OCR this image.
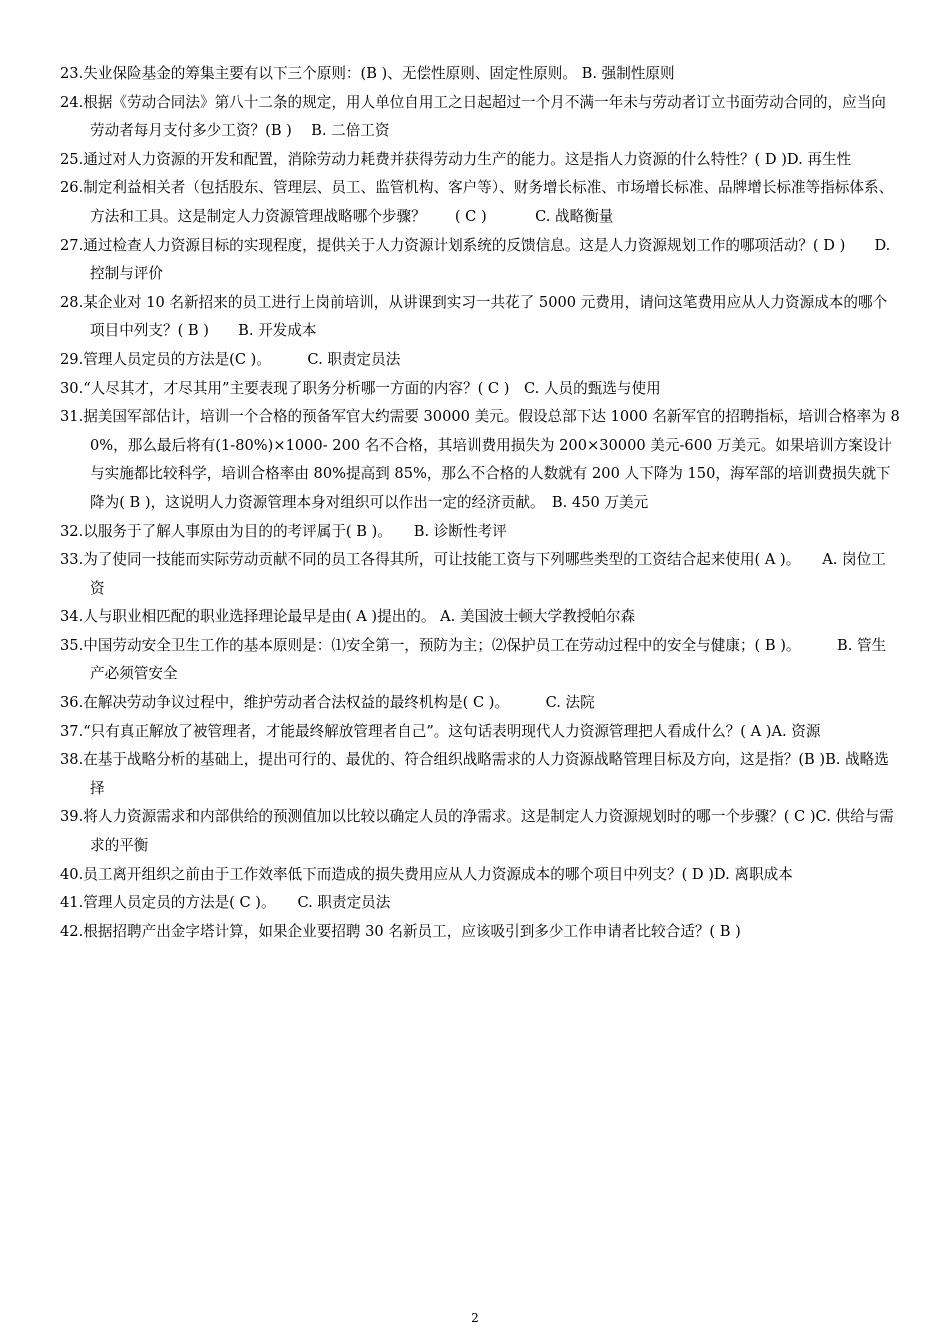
23.失业保险基金的筹集主要有以下三个原则：(B )、无偿性原则、固定性原则。 B. 强制性原则
24.根据《劳动合同法》第八十二条的规定，用人单位自用工之日起超过一个月不满一年未与劳动者订立书面劳动合同的，应当向劳动者每月支付多少工资？(B )　 B. 二倍工资
25.通过对人力资源的开发和配置，消除劳动力耗费并获得劳动力生产的能力。这是指人力资源的什么特性？( D )D. 再生性
26.制定利益相关者（包括股东、管理层、员工、监管机构、客户等）、财务增长标准、市场增长标准、品牌增长标准等指标体系、方法和工具。这是制定人力资源管理战略哪个步骤？　　( C )　　　 C. 战略衡量
27.通过检查人力资源目标的实现程度，提供关于人力资源计划系统的反馈信息。这是人力资源规划工作的哪项活动？( D )　　D. 控制与评价
28.某企业对 10 名新招来的员工进行上岗前培训，从讲课到实习一共花了 5000 元费用，请问这笔费用应从人力资源成本的哪个项目中列支？( B )　　B. 开发成本
29.管理人员定员的方法是(C )。　　　C. 职责定员法
30.“人尽其才，才尽其用”主要表现了职务分析哪一方面的内容？( C )　C. 人员的甄选与使用
31.据美国军部估计，培训一个合格的预备军官大约需要 30000 美元。假设总部下达 1000 名新军官的招聘指标，培训合格率为 80%，那么最后将有(1-80%)×1000- 200 名不合格，其培训费用损失为 200×30000 美元-600 万美元。如果培训方案设计与实施都比较科学，培训合格率由 80%提高到 85%，那么不合格的人数就有 200 人下降为 150，海军部的培训费损失就下降为( B )，这说明人力资源管理本身对组织可以作出一定的经济贡献。　B. 450 万美元
32.以服务于了解人事原由为目的的考评属于( B )。　　B. 诊断性考评
33.为了使同一技能而实际劳动贡献不同的员工各得其所，可让技能工资与下列哪些类型的工资结合起来使用( A )。　　A. 岗位工资
34.人与职业相匹配的职业选择理论最早是由( A )提出的。 A. 美国波士顿大学教授帕尔森
35.中国劳动安全卫生工作的基本原则是：⑴安全第一，预防为主；⑵保护员工在劳动过程中的安全与健康；( B )。　　　B. 管生产必须管安全
36.在解决劳动争议过程中，维护劳动者合法权益的最终机构是( C )。　　　C. 法院
37.“只有真正解放了被管理者，才能最终解放管理者自己”。这句话表明现代人力资源管理把人看成什么？( A )A. 资源
38.在基于战略分析的基础上，提出可行的、最优的、符合组织战略需求的人力资源战略管理目标及方向，这是指？(B )B. 战略选择
39.将人力资源需求和内部供给的预测值加以比较以确定人员的净需求。这是制定人力资源规划时的哪一个步骤？( C )C. 供给与需求的平衡
40.员工离开组织之前由于工作效率低下而造成的损失费用应从人力资源成本的哪个项目中列支？( D )D. 离职成本
41.管理人员定员的方法是( C )。　　C. 职责定员法
42.根据招聘产出金字塔计算，如果企业要招聘 30 名新员工，应该吸引到多少工作申请者比较合适？( B )
2
